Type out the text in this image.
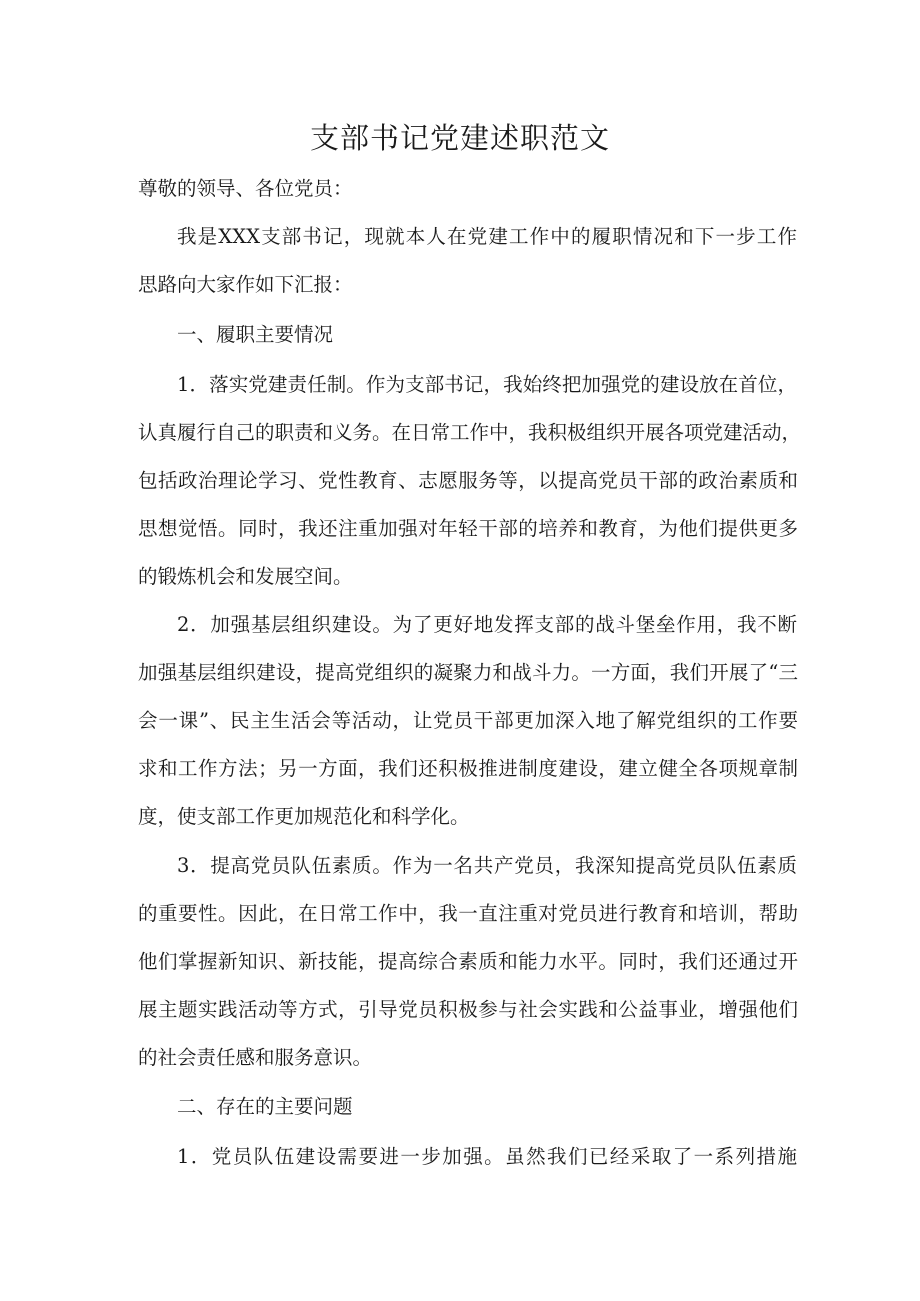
支部书记党建述职范文
尊敬的领导、各位党员：
我是XXX支部书记，现就本人在党建工作中的履职情况和下一步工作
思路向大家作如下汇报：
一、履职主要情况
1．落实党建责任制。作为支部书记，我始终把加强党的建设放在首位，
认真履行自己的职责和义务。在日常工作中，我积极组织开展各项党建活动，
包括政治理论学习、党性教育、志愿服务等，以提高党员干部的政治素质和
思想觉悟。同时，我还注重加强对年轻干部的培养和教育，为他们提供更多
的锻炼机会和发展空间。
2．加强基层组织建设。为了更好地发挥支部的战斗堡垒作用，我不断
加强基层组织建设，提高党组织的凝聚力和战斗力。一方面，我们开展了“三
会一课”、民主生活会等活动，让党员干部更加深入地了解党组织的工作要
求和工作方法；另一方面，我们还积极推进制度建设，建立健全各项规章制
度，使支部工作更加规范化和科学化。
3．提高党员队伍素质。作为一名共产党员，我深知提高党员队伍素质
的重要性。因此，在日常工作中，我一直注重对党员进行教育和培训，帮助
他们掌握新知识、新技能，提高综合素质和能力水平。同时，我们还通过开
展主题实践活动等方式，引导党员积极参与社会实践和公益事业，增强他们
的社会责任感和服务意识。
二、存在的主要问题
1．党员队伍建设需要进一步加强。虽然我们已经采取了一系列措施
